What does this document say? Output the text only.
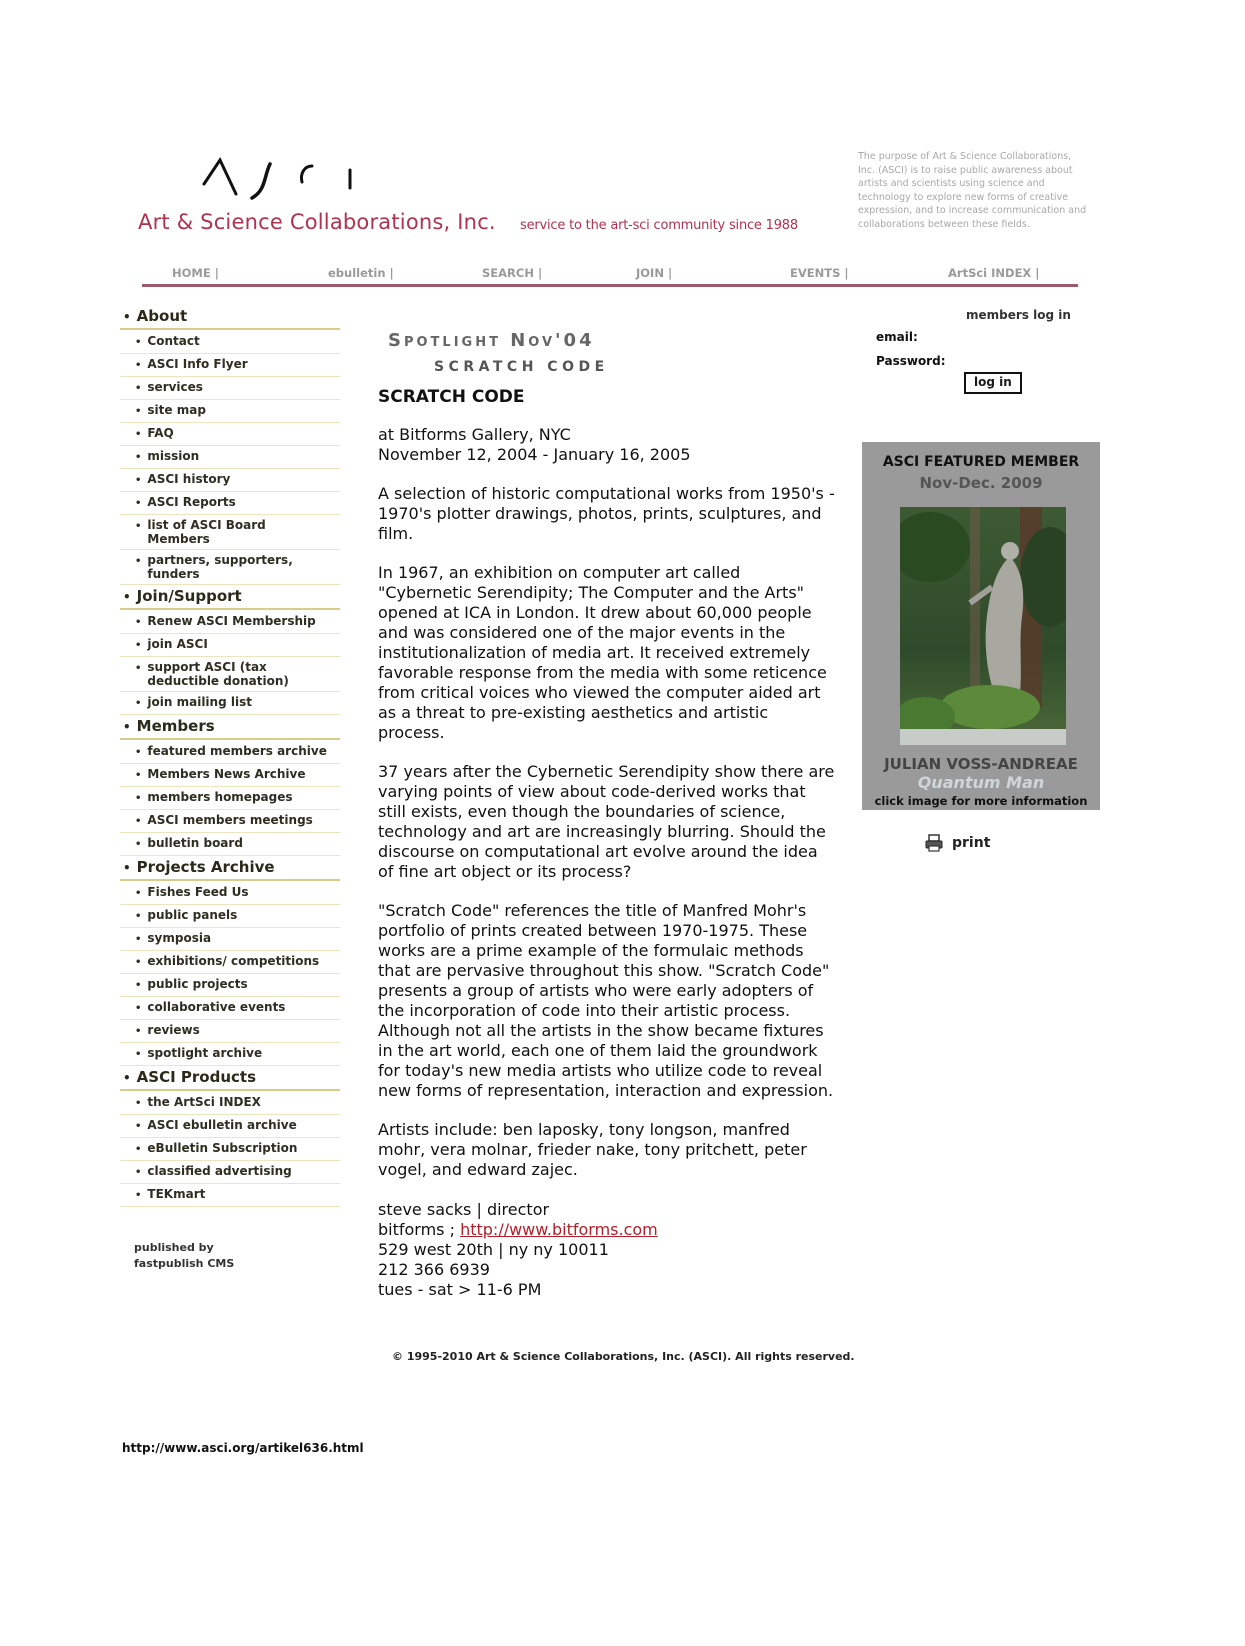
Art & Science Collaborations, Inc. service to the art-sci community since 1988
The purpose of Art & Science Collaborations, Inc. (ASCI) is to raise public awareness about artists and scientists using science and technology to explore new forms of creative expression, and to increase communication and collaborations between these fields.
HOME |	ebulletin |	SEARCH |	JOIN |	EVENTS |	ArtSci INDEX |
• About
• Contact
• ASCI Info Flyer
• services
• site map
• FAQ
• mission
• ASCI history
• ASCI Reports
• list of ASCI Board Members
• partners, supporters, funders
• Join/Support
• Renew ASCI Membership
• join ASCI
• support ASCI (tax deductible donation)
• join mailing list
• Members
• featured members archive
• Members News Archive
• members homepages
• ASCI members meetings
• bulletin board
• Projects Archive
• Fishes Feed Us
• public panels
• symposia
• exhibitions/ competitions
• public projects
• collaborative events
• reviews
• spotlight archive
• ASCI Products
• the ArtSci INDEX
• ASCI ebulletin archive
• eBulletin Subscription
• classified advertising
• TEKmart
published by
fastpublish CMS
Spotlight Nov'04
SCRATCH CODE
SCRATCH CODE
at Bitforms Gallery, NYC
November 12, 2004 - January 16, 2005
A selection of historic computational works from 1950's - 1970's plotter drawings, photos, prints, sculptures, and film.
In 1967, an exhibition on computer art called "Cybernetic Serendipity; The Computer and the Arts" opened at ICA in London. It drew about 60,000 people and was considered one of the major events in the institutionalization of media art. It received extremely favorable response from the media with some reticence from critical voices who viewed the computer aided art as a threat to pre-existing aesthetics and artistic process.
37 years after the Cybernetic Serendipity show there are varying points of view about code-derived works that still exists, even though the boundaries of science, technology and art are increasingly blurring. Should the discourse on computational art evolve around the idea of fine art object or its process?
"Scratch Code" references the title of Manfred Mohr's portfolio of prints created between 1970-1975. These works are a prime example of the formulaic methods that are pervasive throughout this show. "Scratch Code" presents a group of artists who were early adopters of the incorporation of code into their artistic process. Although not all the artists in the show became fixtures in the art world, each one of them laid the groundwork for today's new media artists who utilize code to reveal new forms of representation, interaction and expression.
Artists include: ben laposky, tony longson, manfred mohr, vera molnar, frieder nake, tony pritchett, peter vogel, and edward zajec.
steve sacks | director
bitforms ; http://www.bitforms.com
529 west 20th | ny ny 10011
212 366 6939
tues - sat > 11-6 PM
© 1995-2010 Art & Science Collaborations, Inc. (ASCI). All rights reserved.
http://www.asci.org/artikel636.html
members log in
email:
Password:
log in
ASCI FEATURED MEMBER
Nov-Dec. 2009
JULIAN VOSS-ANDREAE
Quantum Man
click image for more information
print
